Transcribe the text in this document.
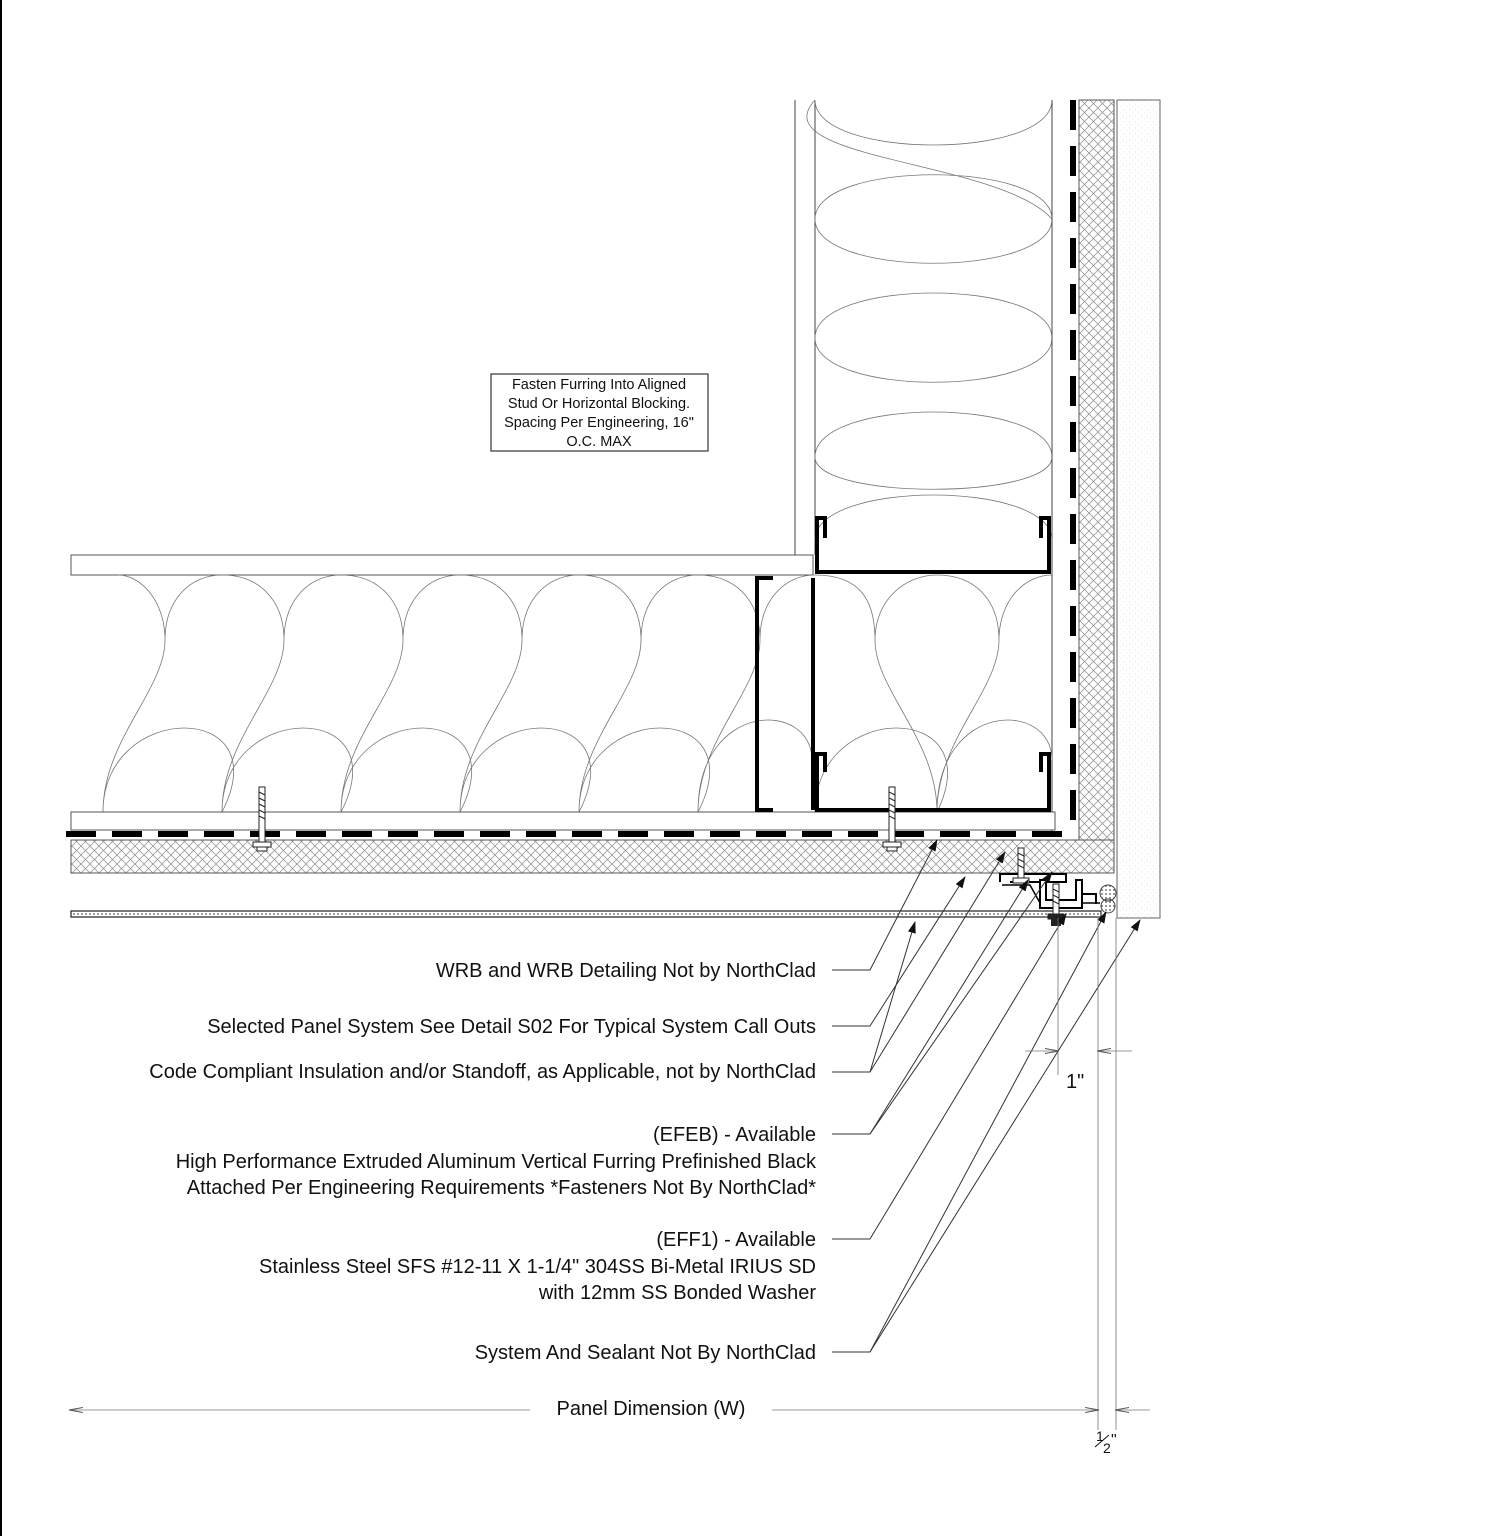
Fasten Furring Into Aligned
Stud Or Horizontal Blocking.
Spacing Per Engineering, 16"
O.C. MAX
WRB and WRB Detailing Not by NorthClad
Selected Panel System See Detail S02 For Typical System Call Outs
Code Compliant Insulation and/or Standoff, as Applicable, not by NorthClad
(EFEB) - Available
High Performance Extruded Aluminum Vertical Furring Prefinished Black
Attached Per Engineering Requirements *Fasteners Not By NorthClad*
(EFF1) - Available
Stainless Steel SFS #12-11 X 1-1/4" 304SS Bi-Metal IRIUS SD
with 12mm SS Bonded Washer
System And Sealant Not By NorthClad
1"
Panel Dimension (W)
1
2 "
